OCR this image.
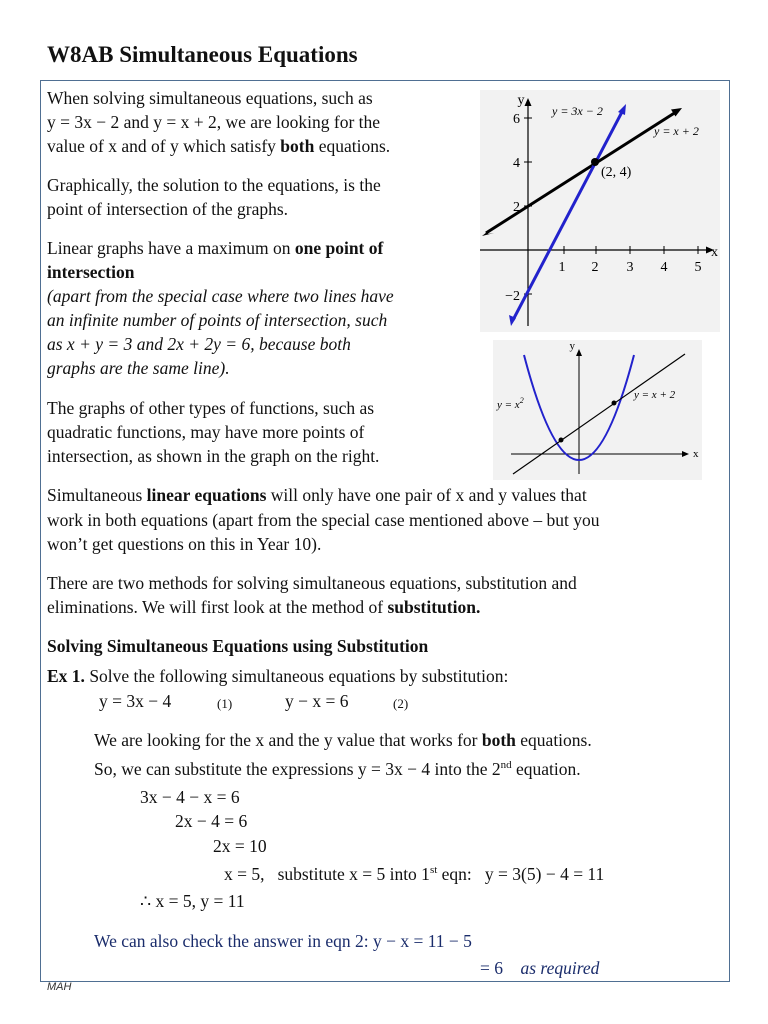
W8AB Simultaneous Equations
When solving simultaneous equations, such as
y = 3x − 2 and y = x + 2, we are looking for the
value of x and of y which satisfy both equations.
Graphically, the solution to the equations, is the
point of intersection of the graphs.
Linear graphs have a maximum on one point of
intersection
(apart from the special case where two lines have
an infinite number of points of intersection, such
as x + y = 3 and 2x + 2y = 6, because both
graphs are the same line).
The graphs of other types of functions, such as
quadratic functions, may have more points of
intersection, as shown in the graph on the right.
y
x
6
4
2
−2
1 2 3 4 5
y = 3x − 2
y = x + 2
(2, 4)
y
x
$y = x^2$	y = x + 2
Simultaneous linear equations will only have one pair of x and y values that
work in both equations (apart from the special case mentioned above – but you
won’t get questions on this in Year 10).
There are two methods for solving simultaneous equations, substitution and
eliminations. We will first look at the method of substitution.
Solving Simultaneous Equations using Substitution
Ex 1. Solve the following simultaneous equations by substitution:
y = 3x − 4	(1)	y − x = 6	(2)
We are looking for the x and the y value that works for both equations.
So, we can substitute the expressions y = 3x − 4 into the 2nd equation.
3x − 4 − x = 6
2x − 4 = 6
2x = 10
x = 5, substitute x = 5 into 1st eqn: y = 3(5) − 4 = 11
∴ x = 5, y = 11
We can also check the answer in eqn 2: y − x = 11 − 5
= 6 as required
MAH
